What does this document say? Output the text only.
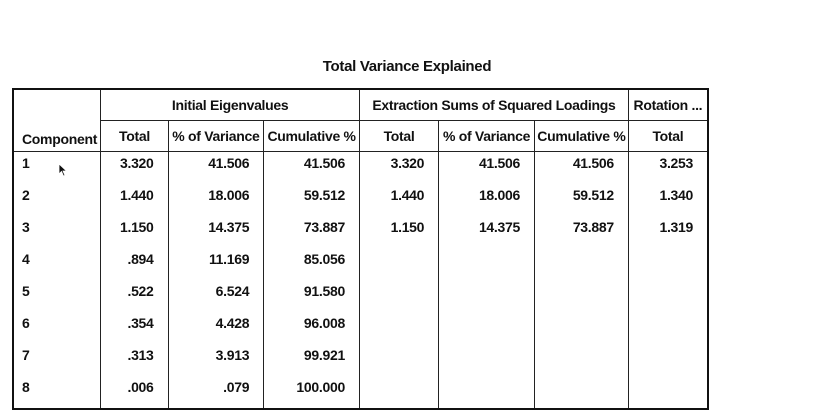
Total Variance Explained
Component	Initial Eigenvalues			Extraction Sums of Squared Loadings			Rotation ...
	Total	% of Variance	Cumulative %	Total	% of Variance	Cumulative %	Total
1	3.320	41.506	41.506	3.320	41.506	41.506	3.253
2	1.440	18.006	59.512	1.440	18.006	59.512	1.340
3	1.150	14.375	73.887	1.150	14.375	73.887	1.319
4	.894	11.169	85.056				
5	.522	6.524	91.580				
6	.354	4.428	96.008				
7	.313	3.913	99.921				
8	.006	.079	100.000				
